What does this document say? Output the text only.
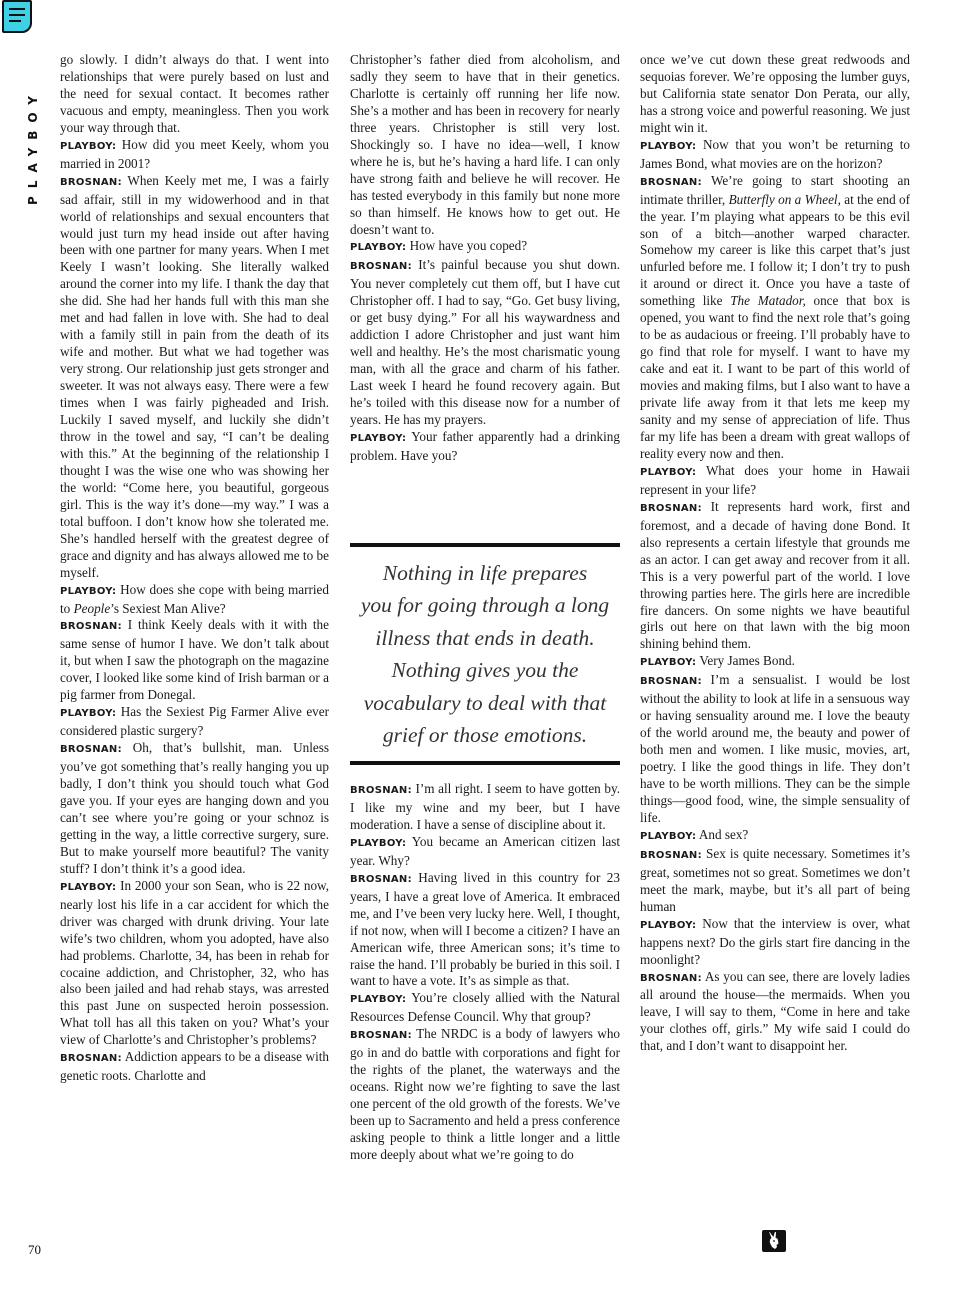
PLAYBOY
70

go slowly. I didn’t always do that. I went into relationships that were purely based on lust and the need for sexual contact. It becomes rather vacuous and empty, meaningless. Then you work your way through that.

PLAYBOY: How did you meet Keely, whom you married in 2001?

BROSNAN: When Keely met me, I was a fairly sad affair, still in my widowerhood and in that world of relationships and sexual encounters that would just turn my head inside out after having been with one partner for many years. When I met Keely I wasn’t looking. She literally walked around the corner into my life. I thank the day that she did. She had her hands full with this man she met and had fallen in love with. She had to deal with a family still in pain from the death of its wife and mother. But what we had together was very strong. Our relationship just gets stronger and sweeter. It was not always easy. There were a few times when I was fairly pigheaded and Irish. Luckily I saved myself, and luckily she didn’t throw in the towel and say, “I can’t be dealing with this.” At the beginning of the relationship I thought I was the wise one who was showing her the world: “Come here, you beautiful, gorgeous girl. This is the way it’s done—my way.” I was a total buffoon. I don’t know how she tolerated me. She’s handled herself with the greatest degree of grace and dignity and has always allowed me to be myself.

PLAYBOY: How does she cope with being married to People’s Sexiest Man Alive?

BROSNAN: I think Keely deals with it with the same sense of humor I have. We don’t talk about it, but when I saw the photograph on the magazine cover, I looked like some kind of Irish barman or a pig farmer from Donegal.

PLAYBOY: Has the Sexiest Pig Farmer Alive ever considered plastic surgery?

BROSNAN: Oh, that’s bullshit, man. Unless you’ve got something that’s really hanging you up badly, I don’t think you should touch what God gave you. If your eyes are hanging down and you can’t see where you’re going or your schnoz is getting in the way, a little corrective surgery, sure. But to make yourself more beautiful? The vanity stuff? I don’t think it’s a good idea.

PLAYBOY: In 2000 your son Sean, who is 22 now, nearly lost his life in a car accident for which the driver was charged with drunk driving. Your late wife’s two children, whom you adopted, have also had problems. Charlotte, 34, has been in rehab for cocaine addiction, and Christopher, 32, who has also been jailed and had rehab stays, was arrested this past June on suspected heroin possession. What toll has all this taken on you? What’s your view of Charlotte’s and Christopher’s problems?

BROSNAN: Addiction appears to be a disease with genetic roots. Charlotte and

Christopher’s father died from alcoholism, and sadly they seem to have that in their genetics. Charlotte is certainly off running her life now. She’s a mother and has been in recovery for nearly three years. Christopher is still very lost. Shockingly so. I have no idea—well, I know where he is, but he’s having a hard life. I can only have strong faith and believe he will recover. He has tested everybody in this family but none more so than himself. He knows how to get out. He doesn’t want to.

PLAYBOY: How have you coped?

BROSNAN: It’s painful because you shut down. You never completely cut them off, but I have cut Christopher off. I had to say, “Go. Get busy living, or get busy dying.” For all his waywardness and addiction I adore Christopher and just want him well and healthy. He’s the most charismatic young man, with all the grace and charm of his father. Last week I heard he found recovery again. But he’s toiled with this disease now for a number of years. He has my prayers.

PLAYBOY: Your father apparently had a drinking problem. Have you?

Nothing in life prepares
you for going through a long
illness that ends in death.
Nothing gives you the
vocabulary to deal with that
grief or those emotions.

BROSNAN: I’m all right. I seem to have gotten by. I like my wine and my beer, but I have moderation. I have a sense of discipline about it.

PLAYBOY: You became an American citizen last year. Why?

BROSNAN: Having lived in this country for 23 years, I have a great love of America. It embraced me, and I’ve been very lucky here. Well, I thought, if not now, when will I become a citizen? I have an American wife, three American sons; it’s time to raise the hand. I’ll probably be buried in this soil. I want to have a vote. It’s as simple as that.

PLAYBOY: You’re closely allied with the Natural Resources Defense Council. Why that group?

BROSNAN: The NRDC is a body of lawyers who go in and do battle with corporations and fight for the rights of the planet, the waterways and the oceans. Right now we’re fighting to save the last one percent of the old growth of the forests. We’ve been up to Sacramento and held a press conference asking people to think a little longer and a little more deeply about what we’re going to do

once we’ve cut down these great redwoods and sequoias forever. We’re opposing the lumber guys, but California state senator Don Perata, our ally, has a strong voice and powerful reasoning. We just might win it.

PLAYBOY: Now that you won’t be returning to James Bond, what movies are on the horizon?

BROSNAN: We’re going to start shooting an intimate thriller, Butterfly on a Wheel, at the end of the year. I’m playing what appears to be this evil son of a bitch—another warped character. Somehow my career is like this carpet that’s just unfurled before me. I follow it; I don’t try to push it around or direct it. Once you have a taste of something like The Matador, once that box is opened, you want to find the next role that’s going to be as audacious or freeing. I’ll probably have to go find that role for myself. I want to have my cake and eat it. I want to be part of this world of movies and making films, but I also want to have a private life away from it that lets me keep my sanity and my sense of appreciation of life. Thus far my life has been a dream with great wallops of reality every now and then.

PLAYBOY: What does your home in Hawaii represent in your life?

BROSNAN: It represents hard work, first and foremost, and a decade of having done Bond. It also represents a certain lifestyle that grounds me as an actor. I can get away and recover from it all. This is a very powerful part of the world. I love throwing parties here. The girls here are incredible fire dancers. On some nights we have beautiful girls out here on that lawn with the big moon shining behind them.

PLAYBOY: Very James Bond.

BROSNAN: I’m a sensualist. I would be lost without the ability to look at life in a sensuous way or having sensuality around me. I love the beauty of the world around me, the beauty and power of both men and women. I like music, movies, art, poetry. I like the good things in life. They don’t have to be worth millions. They can be the simple things—good food, wine, the simple sensuality of life.

PLAYBOY: And sex?

BROSNAN: Sex is quite necessary. Sometimes it’s great, sometimes not so great. Sometimes we don’t meet the mark, maybe, but it’s all part of being human

PLAYBOY: Now that the interview is over, what happens next? Do the girls start fire dancing in the moonlight?

BROSNAN: As you can see, there are lovely ladies all around the house—the mermaids. When you leave, I will say to them, “Come in here and take your clothes off, girls.” My wife said I could do that, and I don’t want to disappoint her.
